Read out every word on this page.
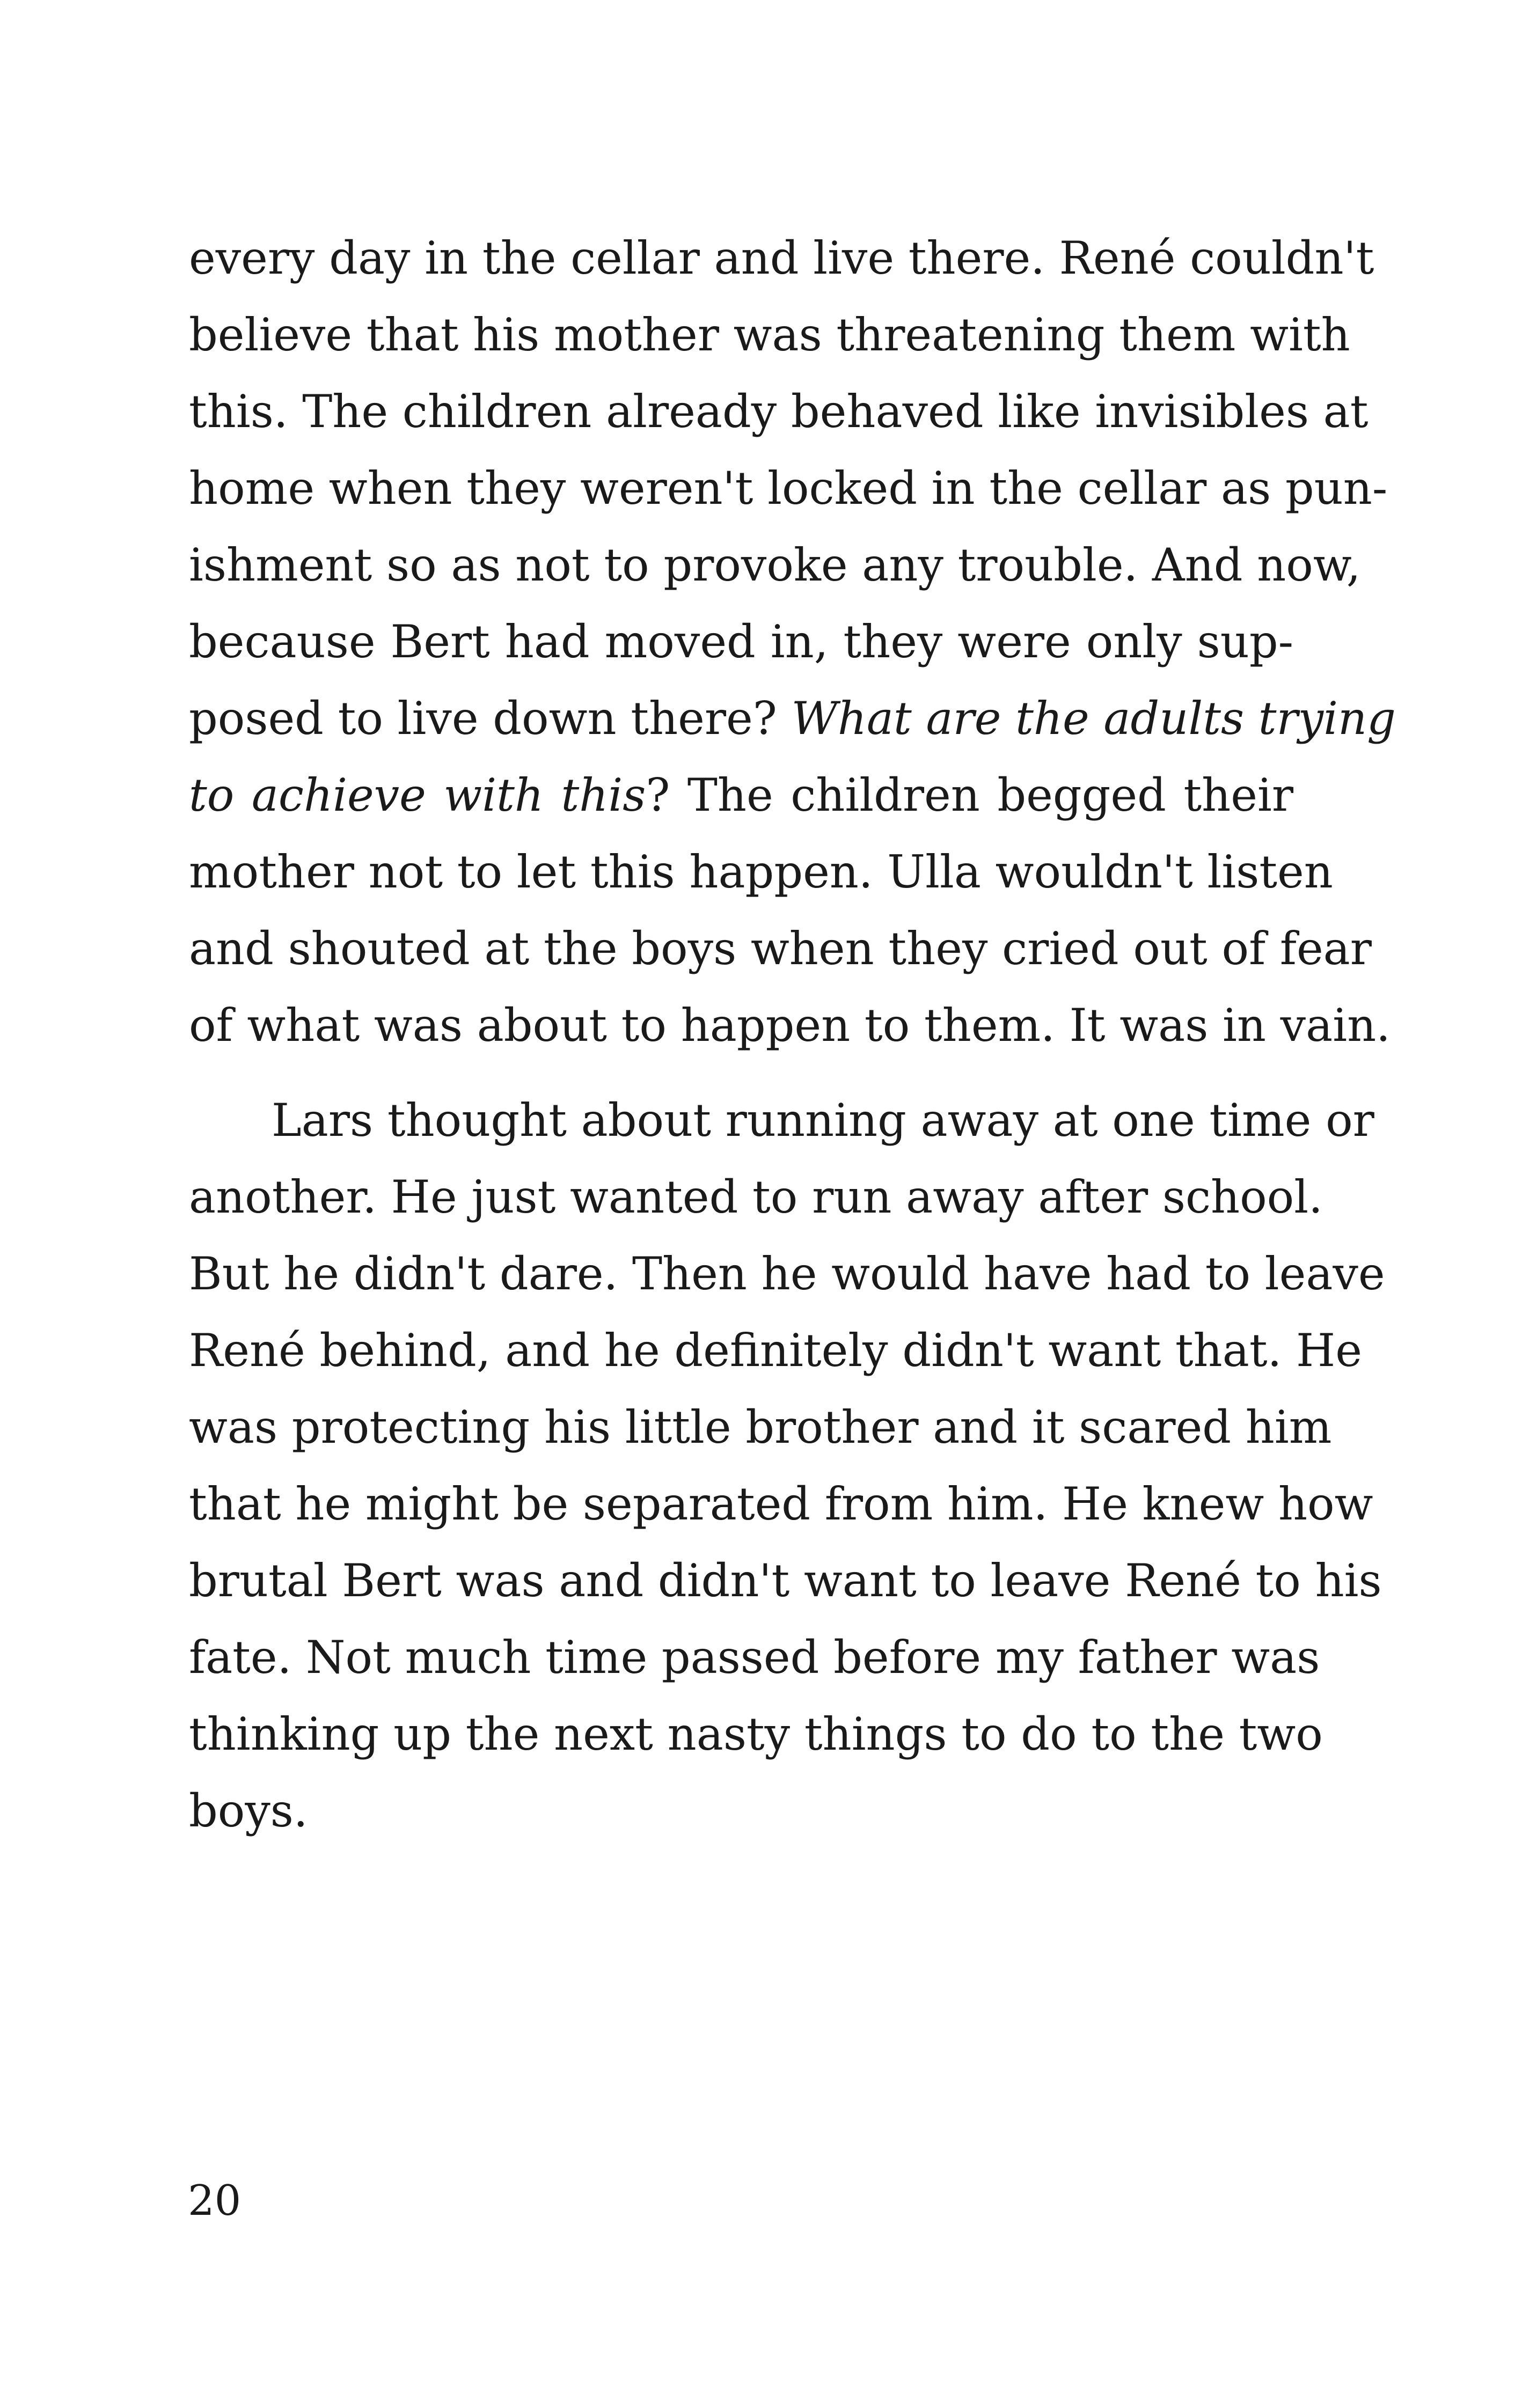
every day in the cellar and live there. René couldn't
believe that his mother was threatening them with
this. The children already behaved like invisibles at
home when they weren't locked in the cellar as pun-
ishment so as not to provoke any trouble. And now,
because Bert had moved in, they were only sup-
posed to live down there? What are the adults trying
to achieve with this? The children begged their
mother not to let this happen. Ulla wouldn't listen
and shouted at the boys when they cried out of fear
of what was about to happen to them. It was in vain.
Lars thought about running away at one time or
another. He just wanted to run away after school.
But he didn't dare. Then he would have had to leave
René behind, and he definitely didn't want that. He
was protecting his little brother and it scared him
that he might be separated from him. He knew how
brutal Bert was and didn't want to leave René to his
fate. Not much time passed before my father was
thinking up the next nasty things to do to the two
boys.
20
